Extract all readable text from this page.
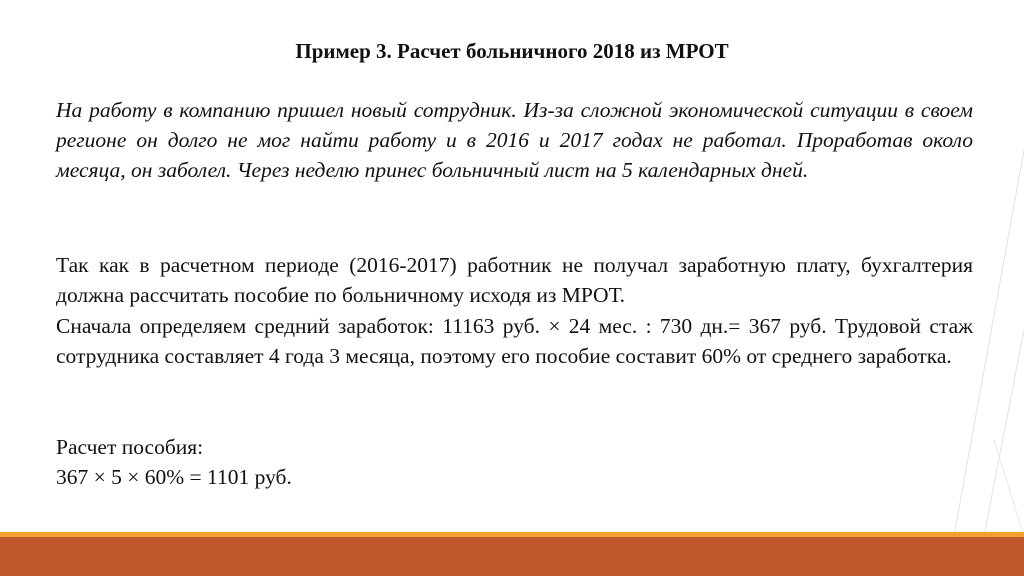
Пример 3. Расчет больничного 2018 из МРОТ

На работу в компанию пришел новый сотрудник. Из-за сложной экономической ситуации в своем регионе он долго не мог найти работу и в 2016 и 2017 годах не работал. Проработав около месяца, он заболел. Через неделю принес больничный лист на 5 календарных дней.

Так как в расчетном периоде (2016-2017) работник не получал заработную плату, бухгалтерия должна рассчитать пособие по больничному исходя из МРОТ.

Сначала определяем средний заработок: 11163 руб. × 24 мес. : 730 дн.= 367 руб. Трудовой стаж сотрудника составляет 4 года 3 месяца, поэтому его пособие составит 60% от среднего заработка.

Расчет пособия:
367 × 5 × 60% = 1101 руб.
